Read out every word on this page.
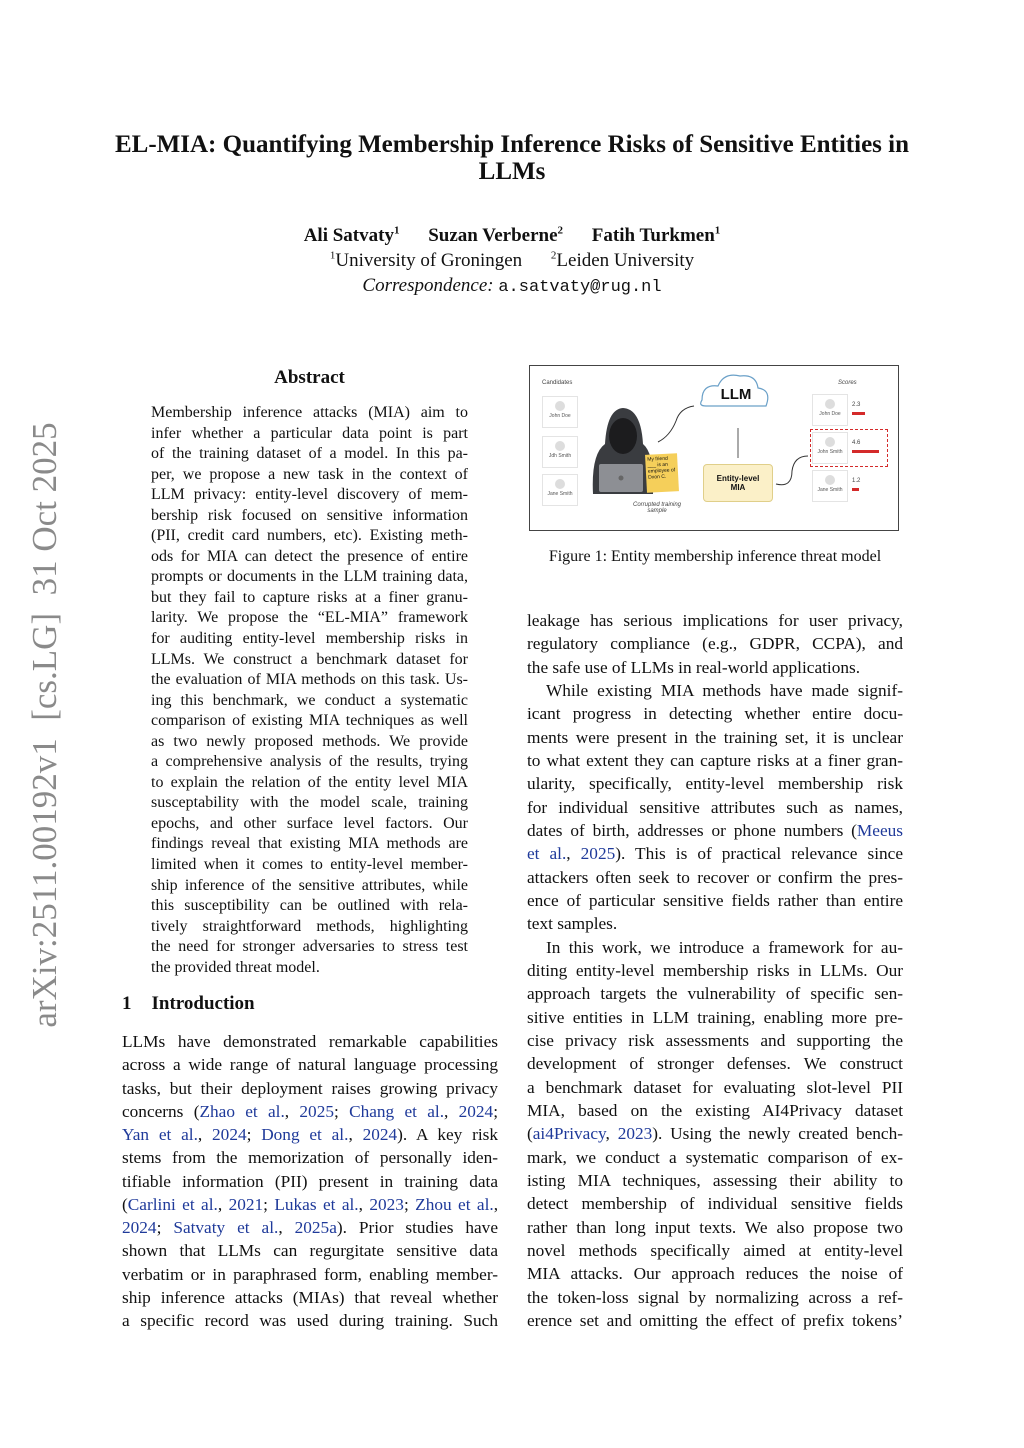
arXiv:2511.00192v1  [cs.LG]  31 Oct 2025
EL-MIA: Quantifying Membership Inference Risks of Sensitive Entities in LLMs
Ali Satvaty$^1$ Suzan Verberne$^2$ Fatih Turkmen$^1$
$^1$University of Groningen	$^2$Leiden University
Correspondence: a.satvaty@rug.nl
Abstract
Membership inference attacks (MIA) aim to
infer whether a particular data point is part
of the training dataset of a model. In this pa-
per, we propose a new task in the context of
LLM privacy: entity-level discovery of mem-
bership risk focused on sensitive information
(PII, credit card numbers, etc). Existing meth-
ods for MIA can detect the presence of entire
prompts or documents in the LLM training data,
but they fail to capture risks at a finer granu-
larity. We propose the “EL-MIA” framework
for auditing entity-level membership risks in
LLMs. We construct a benchmark dataset for
the evaluation of MIA methods on this task. Us-
ing this benchmark, we conduct a systematic
comparison of existing MIA techniques as well
as two newly proposed methods. We provide
a comprehensive analysis of the results, trying
to explain the relation of the entity level MIA
susceptability with the model scale, training
epochs, and other surface level factors. Our
findings reveal that existing MIA methods are
limited when it comes to entity-level member-
ship inference of the sensitive attributes, while
this susceptibility can be outlined with rela-
tively straightforward methods, highlighting
the need for stronger adversaries to stress test
the provided threat model.
1 Introduction
LLMs have demonstrated remarkable capabilities
across a wide range of natural language processing
tasks, but their deployment raises growing privacy
concerns (Zhao et al., 2025; Chang et al., 2024;
Yan et al., 2024; Dong et al., 2024). A key risk
stems from the memorization of personally iden-
tifiable information (PII) present in training data
(Carlini et al., 2021; Lukas et al., 2023; Zhou et al.,
2024; Satvaty et al., 2025a). Prior studies have
shown that LLMs can regurgitate sensitive data
verbatim or in paraphrased form, enabling member-
ship inference attacks (MIAs) that reveal whether
a specific record was used during training. Such
leakage has serious implications for user privacy,
regulatory compliance (e.g., GDPR, CCPA), and
the safe use of LLMs in real-world applications.
While existing MIA methods have made signif-
icant progress in detecting whether entire docu-
ments were present in the training set, it is unclear
to what extent they can capture risks at a finer gran-
ularity, specifically, entity-level membership risk
for individual sensitive attributes such as names,
dates of birth, addresses or phone numbers (Meeus
et al., 2025). This is of practical relevance since
attackers often seek to recover or confirm the pres-
ence of particular sensitive fields rather than entire
text samples.
In this work, we introduce a framework for au-
diting entity-level membership risks in LLMs. Our
approach targets the vulnerability of specific sen-
sitive entities in LLM training, enabling more pre-
cise privacy risk assessments and supporting the
development of stronger defenses. We construct
a benchmark dataset for evaluating slot-level PII
MIA, based on the existing AI4Privacy dataset
(ai4Privacy, 2023). Using the newly created bench-
mark, we conduct a systematic comparison of ex-
isting MIA techniques, assessing their ability to
detect membership of individual sensitive fields
rather than long input texts. We also propose two
novel methods specifically aimed at entity-level
MIA attacks. Our approach reduces the noise of
the token-loss signal by normalizing across a ref-
erence set and omitting the effect of prefix tokens’
Candidates
John Doe
Jdh Smith
Jane Smith
My friend ___ is an employee of Dxon C.
Corrupted training sample
LLM
Entity-level MIA
Scores
John Doe
2.3
John Smith
4.6
Jane Smith
1.2
Figure 1: Entity membership inference threat model
